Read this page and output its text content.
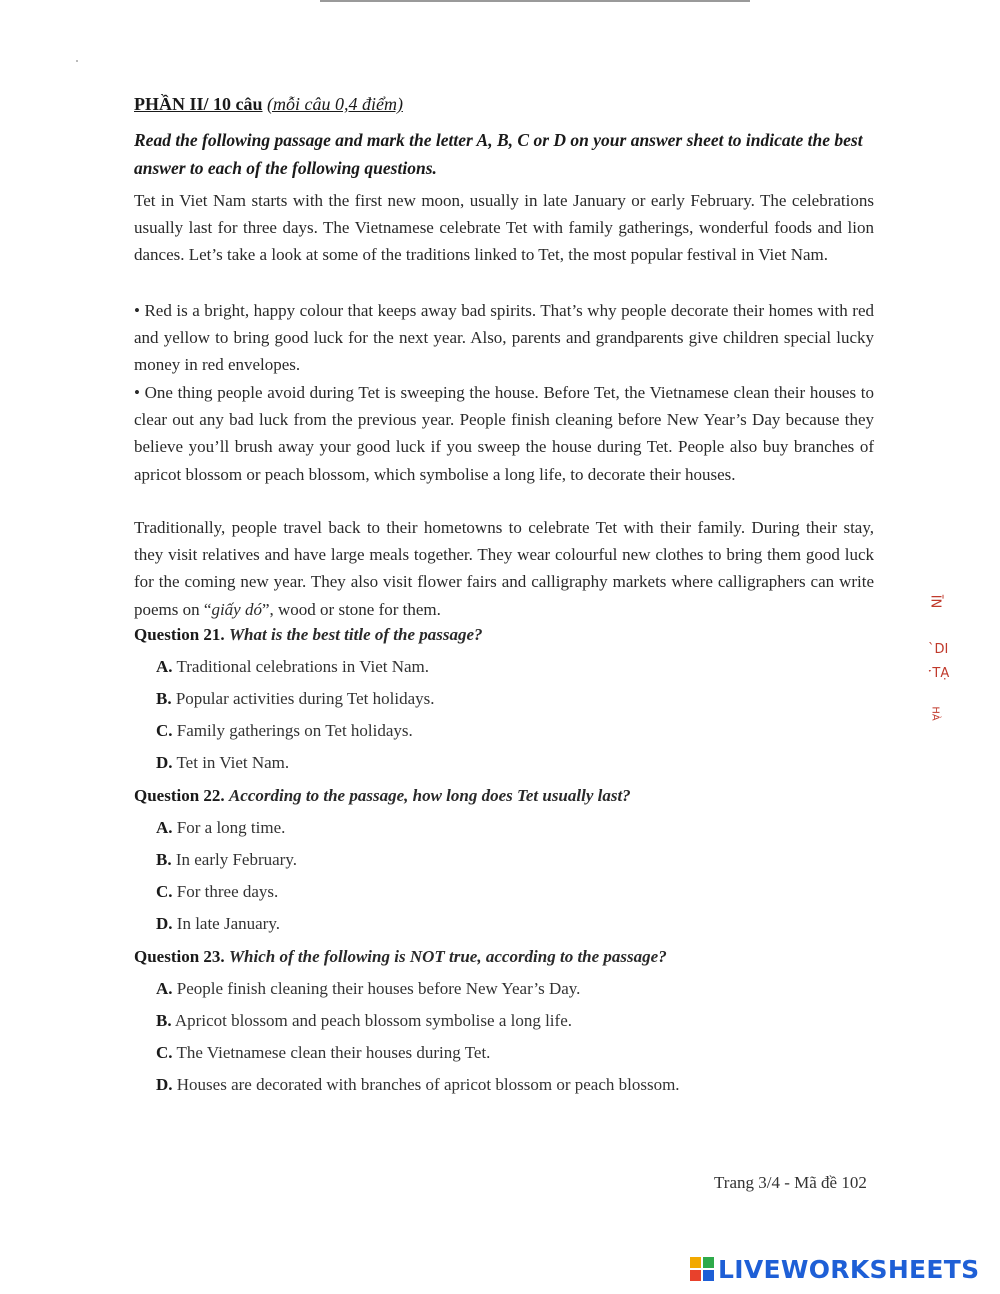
PHẦN II/ 10 câu (mỗi câu 0,4 điểm)
Read the following passage and mark the letter A, B, C or D on your answer sheet to indicate the best answer to each of the following questions.
Tet in Viet Nam starts with the first new moon, usually in late January or early February. The celebrations usually last for three days. The Vietnamese celebrate Tet with family gatherings, wonderful foods and lion dances. Let’s take a look at some of the traditions linked to Tet, the most popular festival in Viet Nam.
• Red is a bright, happy colour that keeps away bad spirits. That’s why people decorate their homes with red and yellow to bring good luck for the next year. Also, parents and grandparents give children special lucky money in red envelopes.
• One thing people avoid during Tet is sweeping the house. Before Tet, the Vietnamese clean their houses to clear out any bad luck from the previous year. People finish cleaning before New Year’s Day because they believe you’ll brush away your good luck if you sweep the house during Tet. People also buy branches of apricot blossom or peach blossom, which symbolise a long life, to decorate their houses.
Traditionally, people travel back to their hometowns to celebrate Tet with their family. During their stay, they visit relatives and have large meals together. They wear colourful new clothes to bring them good luck for the coming new year. They also visit flower fairs and calligraphy markets where calligraphers can write poems on “giấy dó”, wood or stone for them.
Question 21. What is the best title of the passage?
A. Traditional celebrations in Viet Nam.
B. Popular activities during Tet holidays.
C. Family gatherings on Tet holidays.
D. Tet in Viet Nam.
Question 22. According to the passage, how long does Tet usually last?
A. For a long time.
B. In early February.
C. For three days.
D. In late January.
Question 23. Which of the following is NOT true, according to the passage?
A. People finish cleaning their houses before New Year’s Day.
B. Apricot blossom and peach blossom symbolise a long life.
C. The Vietnamese clean their houses during Tet.
D. Houses are decorated with branches of apricot blossom or peach blossom.
ĪN
ˋDI
ˑTẠ
HÀ
Trang 3/4 - Mã đề 102
LIVEWORKSHEETS
